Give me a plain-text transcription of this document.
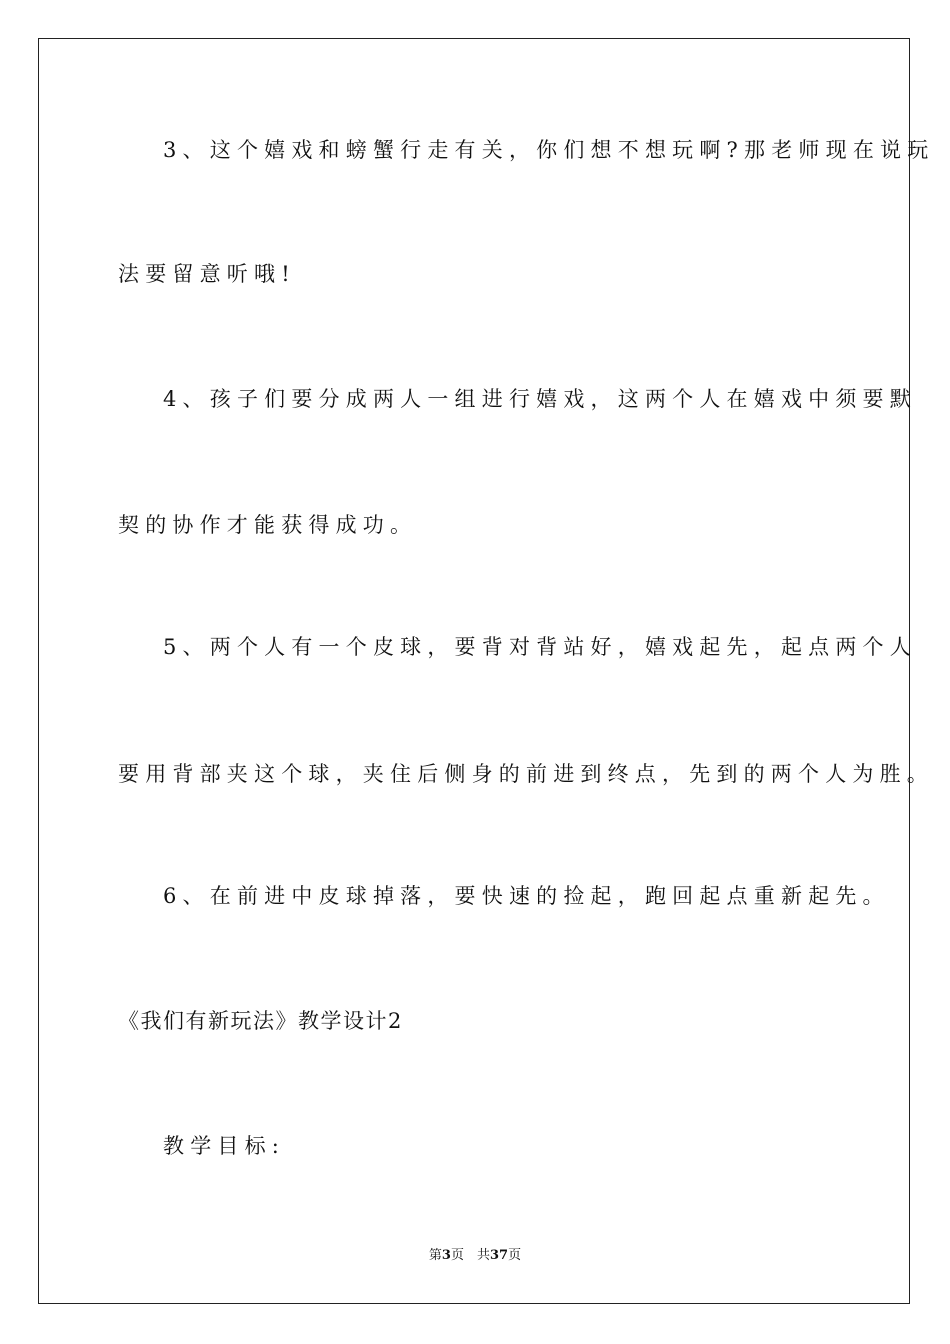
3、这个嬉戏和螃蟹行走有关，你们想不想玩啊?那老师现在说玩
法要留意听哦!
4、孩子们要分成两人一组进行嬉戏，这两个人在嬉戏中须要默
契的协作才能获得成功。
5、两个人有一个皮球，要背对背站好，嬉戏起先，起点两个人
要用背部夹这个球，夹住后侧身的前进到终点，先到的两个人为胜。
6、在前进中皮球掉落，要快速的捡起，跑回起点重新起先。
《我们有新玩法》教学设计2
教学目标:
第3页　共37页
